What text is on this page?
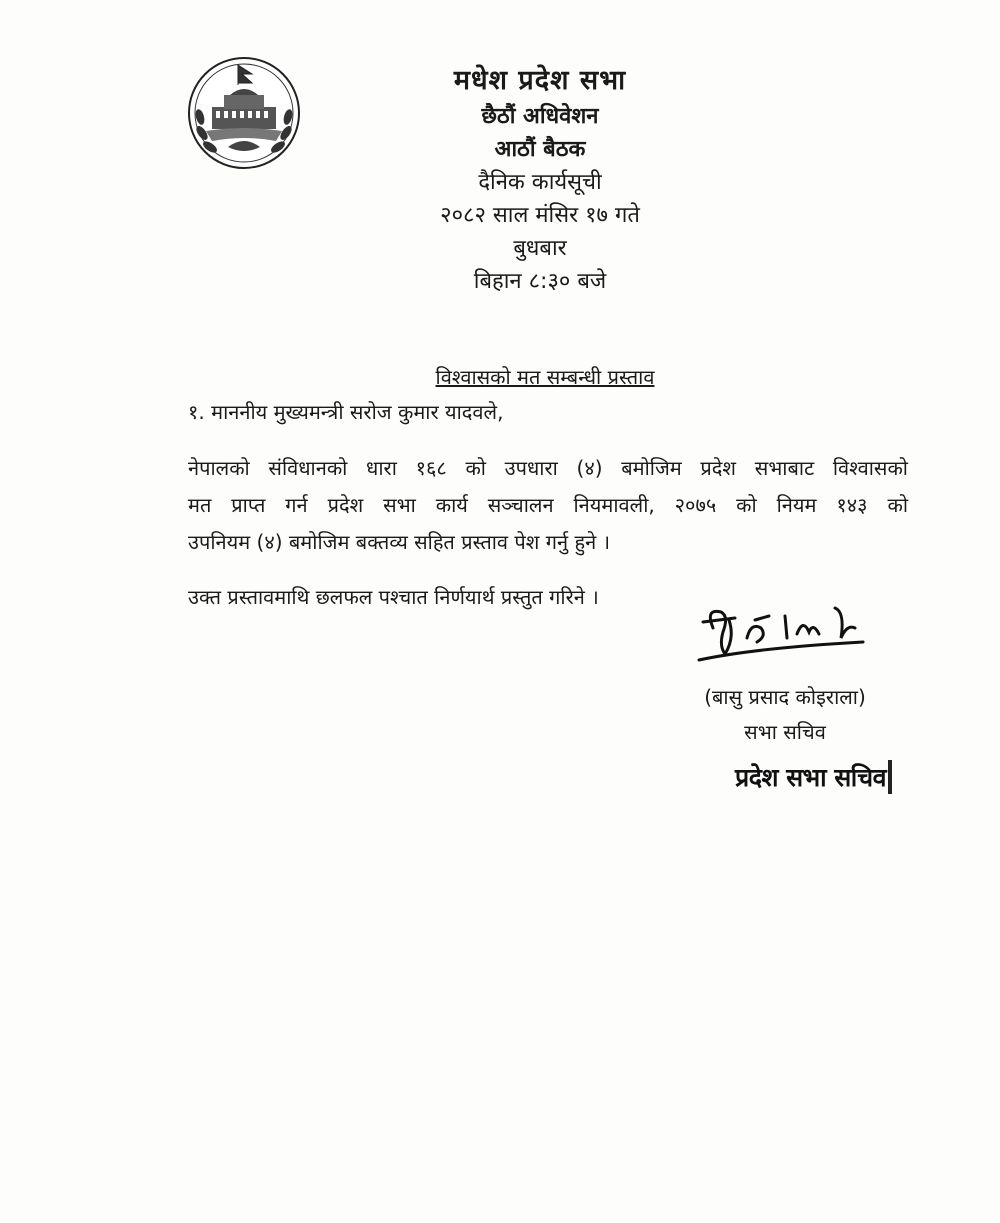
मधेश प्रदेश सभा
छैठौं अधिवेशन
आठौं बैठक
दैनिक कार्यसूची
२०८२ साल मंसिर १७ गते
बुधबार
बिहान ८:३० बजे
विश्वासको मत सम्बन्धी प्रस्ताव
१. माननीय मुख्यमन्त्री सरोज कुमार यादवले,
नेपालको संविधानको धारा १६८ को उपधारा (४) बमोजिम प्रदेश सभाबाट विश्वासको
मत प्राप्त गर्न प्रदेश सभा कार्य सञ्चालन नियमावली, २०७५ को नियम १४३ को
उपनियम (४) बमोजिम बक्तव्य सहित प्रस्ताव पेश गर्नु हुने ।
उक्त प्रस्तावमाथि छलफल पश्चात निर्णयार्थ प्रस्तुत गरिने ।
(बासु प्रसाद कोइराला)
सभा सचिव
प्रदेश सभा सचिव
